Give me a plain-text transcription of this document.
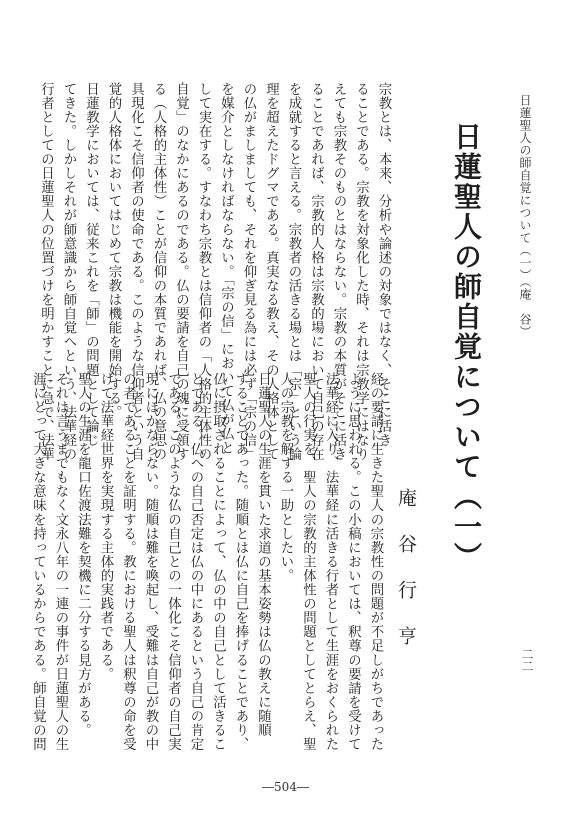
日蓮聖人の師自覚について（一）（庵　谷）
二二
日蓮聖人の師自覚について（一）
庵谷行亨
宗教とは、本来、分析や論述の対象ではなく、そこに活き
ることである。宗教を対象化した時、それは宗教学にはなり
えても宗教そのものとはならない。宗教の本質がそこに活き
ることであれば、宗教的人格は宗教的場において自己の存在
を成就すると言える。宗教者の活きる場とは「宗」という論
理を超えたドグマである。真実なる教え、その人格体として
の仏がましましても、それを仰ぎ見る為には必ず「宗の信」
を媒介としなければならない。「宗の信」において仏が仏と
して実在する。すなわち宗教とは信仰者の「人格的主体性の
自覚」のなかにあるのである。仏の要請を自己の魂に受領す
る（人格的主体性）ことが信仰の本質であれば、仏の意思の
具現化こそ信仰者の使命である。このような信仰者という自
覚的人格体においてはじめて宗教は機能を開始する。
日蓮教学においては、従来これを「師」の問題として論じ
てきた。しかしそれが師意識から師自覚へという、法華経の
行者としての日蓮聖人の位置づけを明かすことに急で、法華
経の要請に生きた聖人の宗教性の問題が不足しがちであった
ように思われる。この小稿においては、釈尊の要請を受けて
法華経に入り、法華経に活きる行者として生涯をおくられた
聖人の行実を、聖人の宗教的主体性の問題としてとらえ、聖
人の宗教を解する一助としたい。
日蓮聖人の生涯を貫いた求道の基本姿勢は仏の教えに随順
することであった。随順とは仏に自己を捧げることであり、
仏に摂取されることによって、仏の中の自己として活きるこ
とである。仏への自己否定は仏の中にあるという自己の肯定
である。このような仏の自己との一体化こそ信仰者の自己実
現にほかならない。随順は難を喚起し、受難は自己が教の中
の者であることを証明する。教における聖人は釈尊の命を受
けて法華経世界を実現する主体的実践者である。
聖人の生涯を龍口佐渡法難を契機に二分する見方がある。
それは言うまでもなく文永八年の一連の事件が日蓮聖人の生
涯にとって大きな意味を持っているからである。師自覚の問
―504―
